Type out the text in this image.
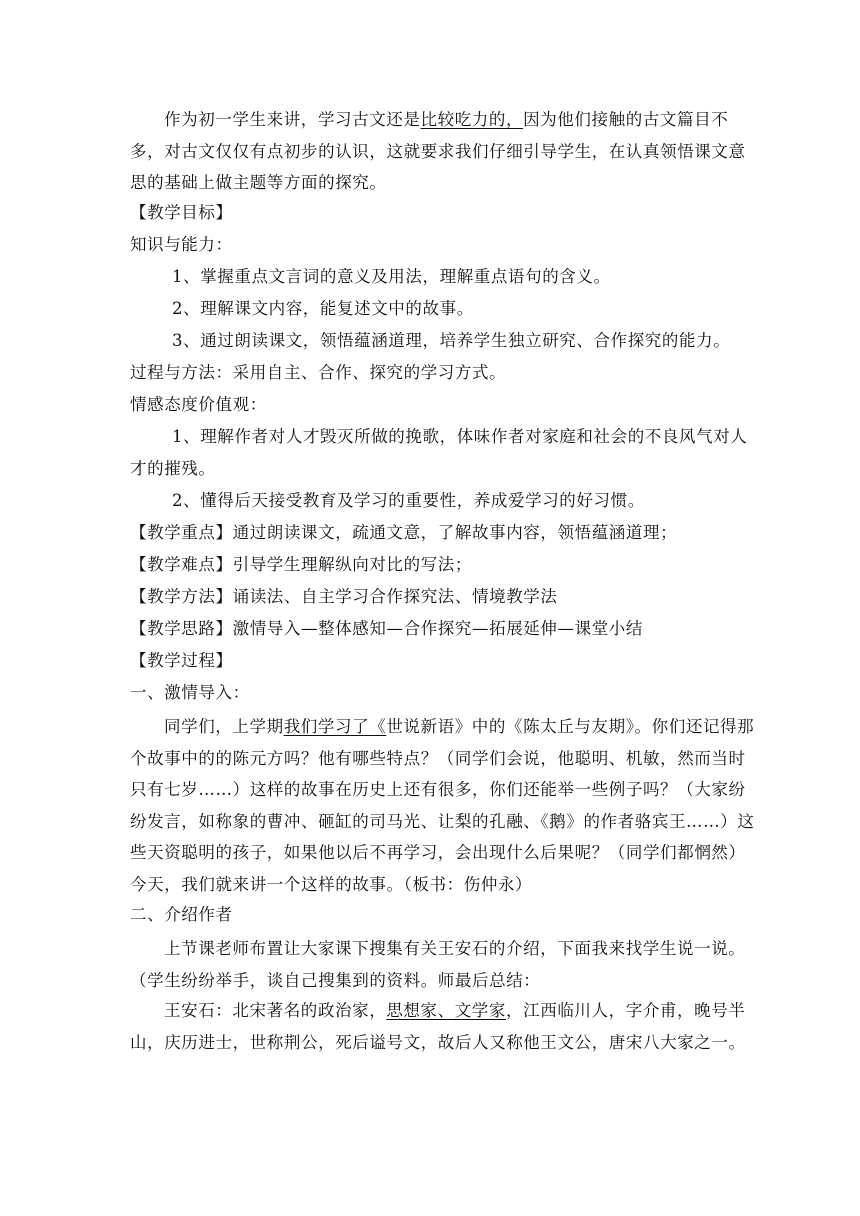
作为初一学生来讲，学习古文还是比较吃力的，因为他们接触的古文篇目不多，对古文仅仅有点初步的认识，这就要求我们仔细引导学生，在认真领悟课文意思的基础上做主题等方面的探究。

【教学目标】
知识与能力：
1、掌握重点文言词的意义及用法，理解重点语句的含义。
2、理解课文内容，能复述文中的故事。
3、通过朗读课文，领悟蕴涵道理，培养学生独立研究、合作探究的能力。
过程与方法：采用自主、合作、探究的学习方式。
情感态度价值观：

1、理解作者对人才毁灭所做的挽歌，体味作者对家庭和社会的不良风气对人才的摧残。

2、懂得后天接受教育及学习的重要性，养成爱学习的好习惯。
【教学重点】通过朗读课文，疏通文意，了解故事内容，领悟蕴涵道理；
【教学难点】引导学生理解纵向对比的写法；
【教学方法】诵读法、自主学习合作探究法、情境教学法
【教学思路】激情导入—整体感知—合作探究—拓展延伸—课堂小结
【教学过程】
一、激情导入：

同学们，上学期我们学习了《世说新语》中的《陈太丘与友期》。你们还记得那个故事中的的陈元方吗？他有哪些特点？（同学们会说，他聪明、机敏，然而当时只有七岁……）这样的故事在历史上还有很多，你们还能举一些例子吗？（大家纷纷发言，如称象的曹冲、砸缸的司马光、让梨的孔融、《鹅》的作者骆宾王……）这些天资聪明的孩子，如果他以后不再学习，会出现什么后果呢？（同学们都惘然）今天，我们就来讲一个这样的故事。（板书：伤仲永）

二、介绍作者

上节课老师布置让大家课下搜集有关王安石的介绍，下面我来找学生说一说。（学生纷纷举手，谈自己搜集到的资料。师最后总结：

王安石：北宋著名的政治家，思想家、文学家，江西临川人，字介甫，晚号半山，庆历进士，世称荆公，死后谥号文，故后人又称他王文公，唐宋八大家之一。
